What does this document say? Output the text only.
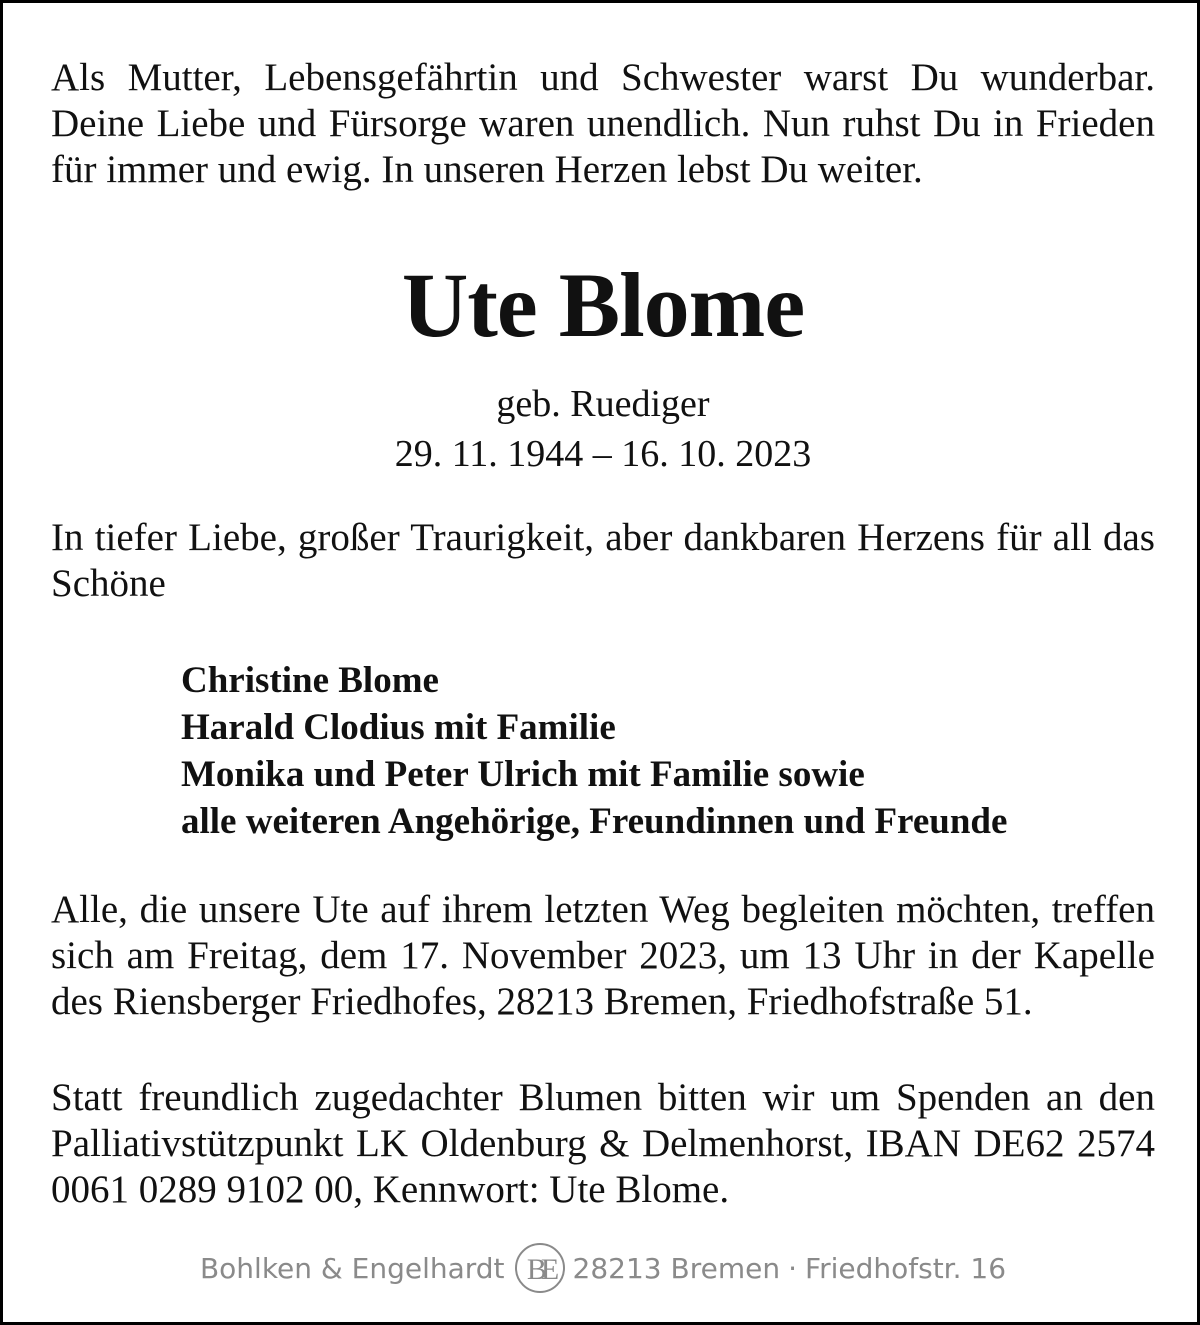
Als Mutter, Lebensgefährtin und Schwester warst Du wunderbar. Deine Liebe und Fürsorge waren unendlich. Nun ruhst Du in Frieden für immer und ewig. In unseren Herzen lebst Du weiter.
Ute Blome
geb. Ruediger
29. 11. 1944 – 16. 10. 2023
In tiefer Liebe, großer Traurigkeit, aber dankbaren Herzens für all das Schöne
Christine Blome
Harald Clodius mit Familie
Monika und Peter Ulrich mit Familie sowie
alle weiteren Angehörige, Freundinnen und Freunde
Alle, die unsere Ute auf ihrem letzten Weg begleiten möchten, treffen sich am Freitag, dem 17. November 2023, um 13 Uhr in der Kapelle des Riensberger Friedhofes, 28213 Bremen, Friedhofstraße 51.
Statt freundlich zugedachter Blumen bitten wir um Spenden an den Palliativstützpunkt LK Oldenburg & Delmenhorst, IBAN DE62 2574 0061 0289 9102 00, Kennwort: Ute Blome.
Bohlken & Engelhardt BE 28213 Bremen · Friedhofstr. 16
